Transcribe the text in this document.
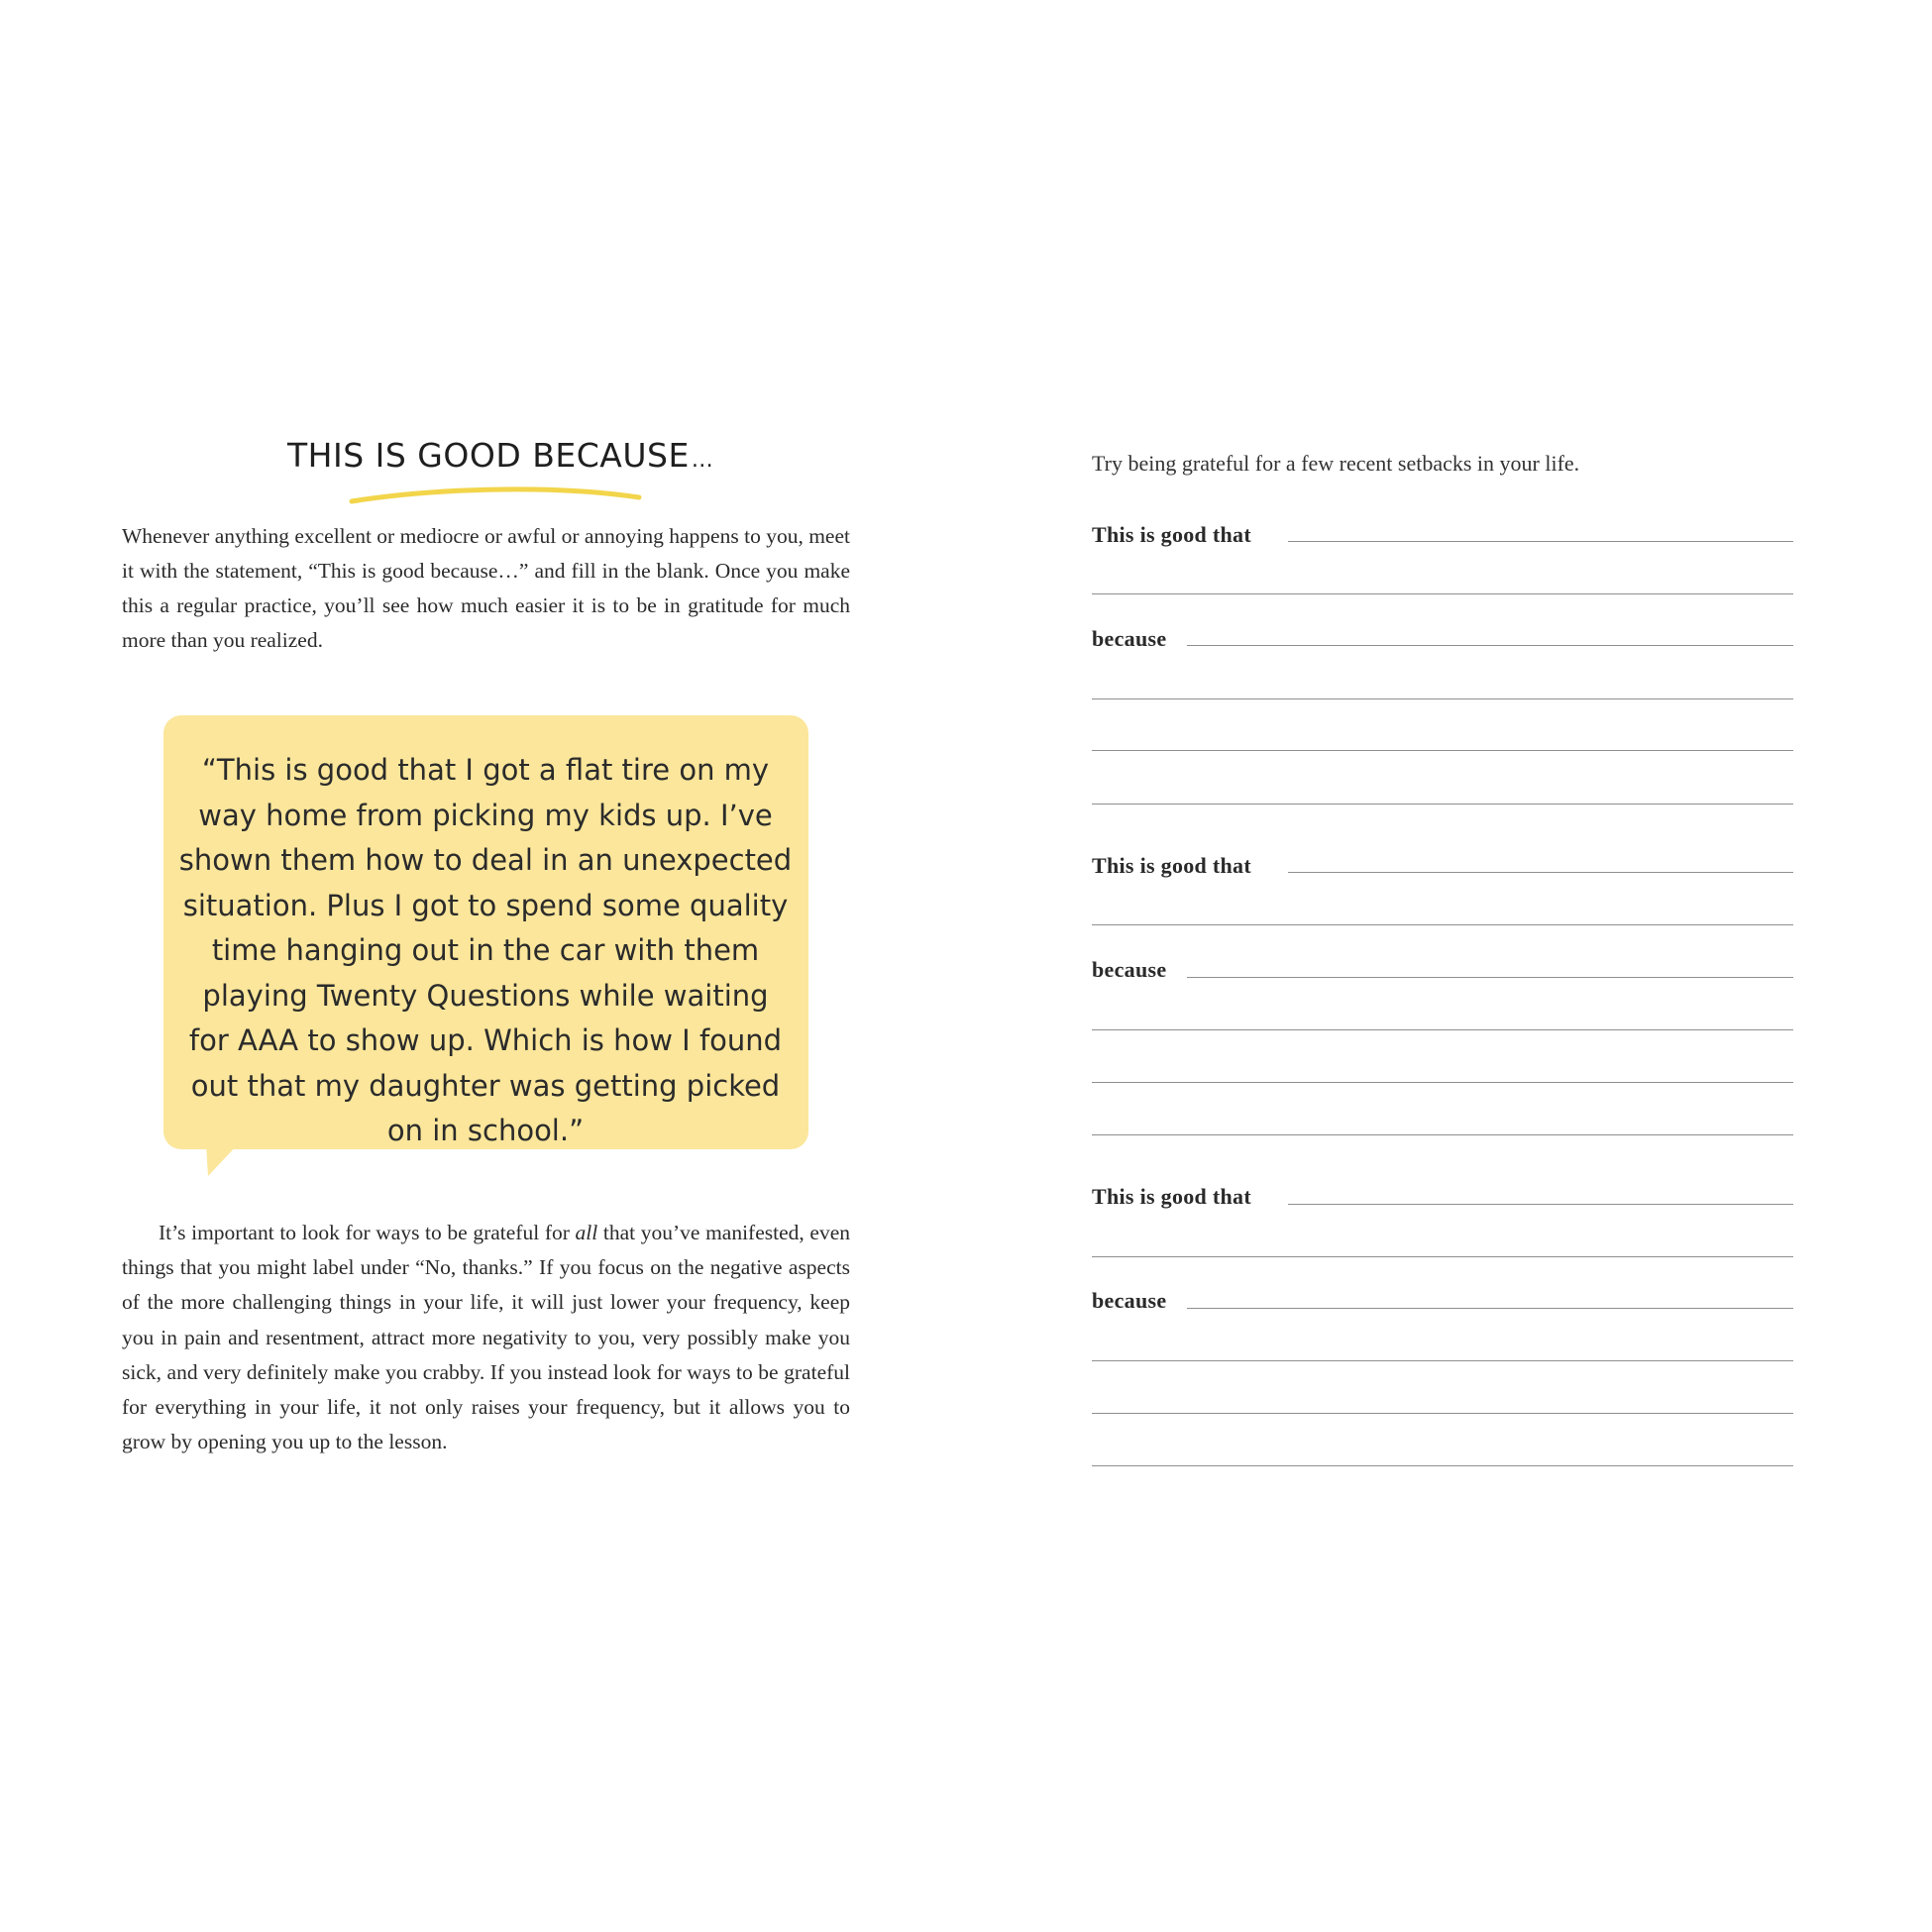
THIS IS GOOD BECAUSE…

Whenever anything excellent or mediocre or awful or annoying happens to you, meet it with the statement, “This is good because…” and fill in the blank. Once you make this a regular practice, you’ll see how much easier it is to be in gratitude for much more than you realized.

“This is good that I got a flat tire on my way home from picking my kids up. I’ve shown them how to deal in an unexpected situation. Plus I got to spend some quality time hanging out in the car with them playing Twenty Questions while waiting for AAA to show up. Which is how I found out that my daughter was getting picked on in school.”

It’s important to look for ways to be grateful for all that you’ve manifested, even things that you might label under “No, thanks.” If you focus on the negative aspects of the more challenging things in your life, it will just lower your frequency, keep you in pain and resentment, attract more negativity to you, very possibly make you sick, and very definitely make you crabby. If you instead look for ways to be grateful for everything in your life, it not only raises your frequency, but it allows you to grow by opening you up to the lesson.

Try being grateful for a few recent setbacks in your life.

This is good that
because
This is good that
because
This is good that
because
